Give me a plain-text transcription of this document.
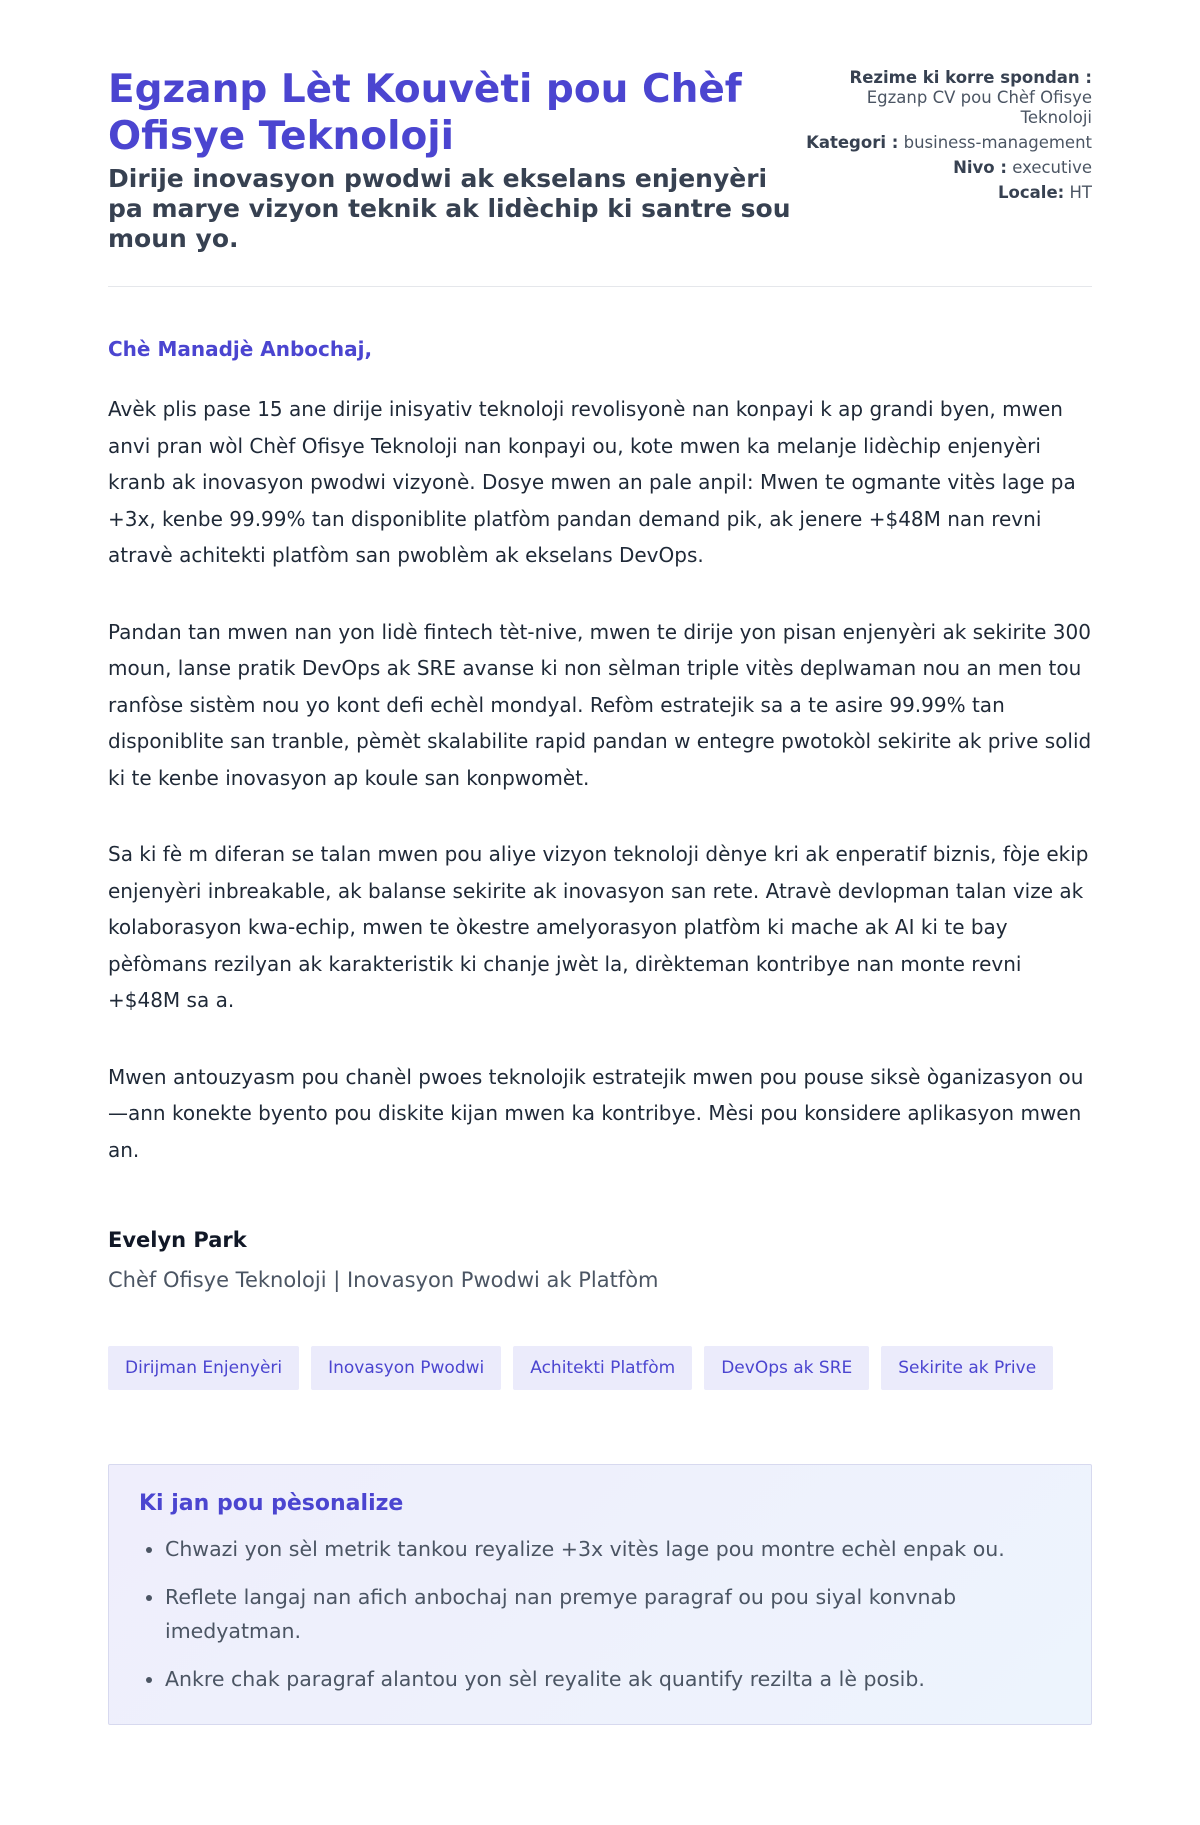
Egzanp Lèt Kouvèti pou Chèf Ofisye Teknoloji
Dirije inovasyon pwodwi ak ekselans enjenyèri pa marye vizyon teknik ak lidèchip ki santre sou moun yo.
Rezime ki korre spondan : Egzanp CV pou Chèf Ofisye Teknoloji
Kategori : business-management
Nivo : executive
Locale: HT
Chè Manadjè Anbochaj,

Avèk plis pase 15 ane dirije inisyativ teknoloji revolisyonè nan konpayi k ap grandi byen, mwen anvi pran wòl Chèf Ofisye Teknoloji nan konpayi ou, kote mwen ka melanje lidèchip enjenyèri kranb ak inovasyon pwodwi vizyonè. Dosye mwen an pale anpil: Mwen te ogmante vitès lage pa +3x, kenbe 99.99% tan disponiblite platfòm pandan demand pik, ak jenere +$48M nan revni atravè achitekti platfòm san pwoblèm ak ekselans DevOps.

Pandan tan mwen nan yon lidè fintech tèt-nive, mwen te dirije yon pisan enjenyèri ak sekirite 300 moun, lanse pratik DevOps ak SRE avanse ki non sèlman triple vitès deplwaman nou an men tou ranfòse sistèm nou yo kont defi echèl mondyal. Refòm estratejik sa a te asire 99.99% tan disponiblite san tranble, pèmèt skalabilite rapid pandan w entegre pwotokòl sekirite ak prive solid ki te kenbe inovasyon ap koule san konpwomèt.

Sa ki fè m diferan se talan mwen pou aliye vizyon teknoloji dènye kri ak enperatif biznis, fòje ekip enjenyèri inbreakable, ak balanse sekirite ak inovasyon san rete. Atravè devlopman talan vize ak kolaborasyon kwa-echip, mwen te òkestre amelyorasyon platfòm ki mache ak AI ki te bay pèfòmans rezilyan ak karakteristik ki chanje jwèt la, dirèkteman kontribye nan monte revni +$48M sa a.

Mwen antouzyasm pou chanèl pwoes teknolojik estratejik mwen pou pouse siksè òganizasyon ou—ann konekte byento pou diskite kijan mwen ka kontribye. Mèsi pou konsidere aplikasyon mwen an.

Evelyn Park
Chèf Ofisye Teknoloji | Inovasyon Pwodwi ak Platfòm
Dirijman Enjenyèri	Inovasyon Pwodwi	Achitekti Platfòm	DevOps ak SRE	Sekirite ak Prive
Ki jan pou pèsonalize
• Chwazi yon sèl metrik tankou reyalize +3x vitès lage pou montre echèl enpak ou.
• Reflete langaj nan afich anbochaj nan premye paragraf ou pou siyal konvnab imedyatman.
• Ankre chak paragraf alantou yon sèl reyalite ak quantify rezilta a lè posib.
